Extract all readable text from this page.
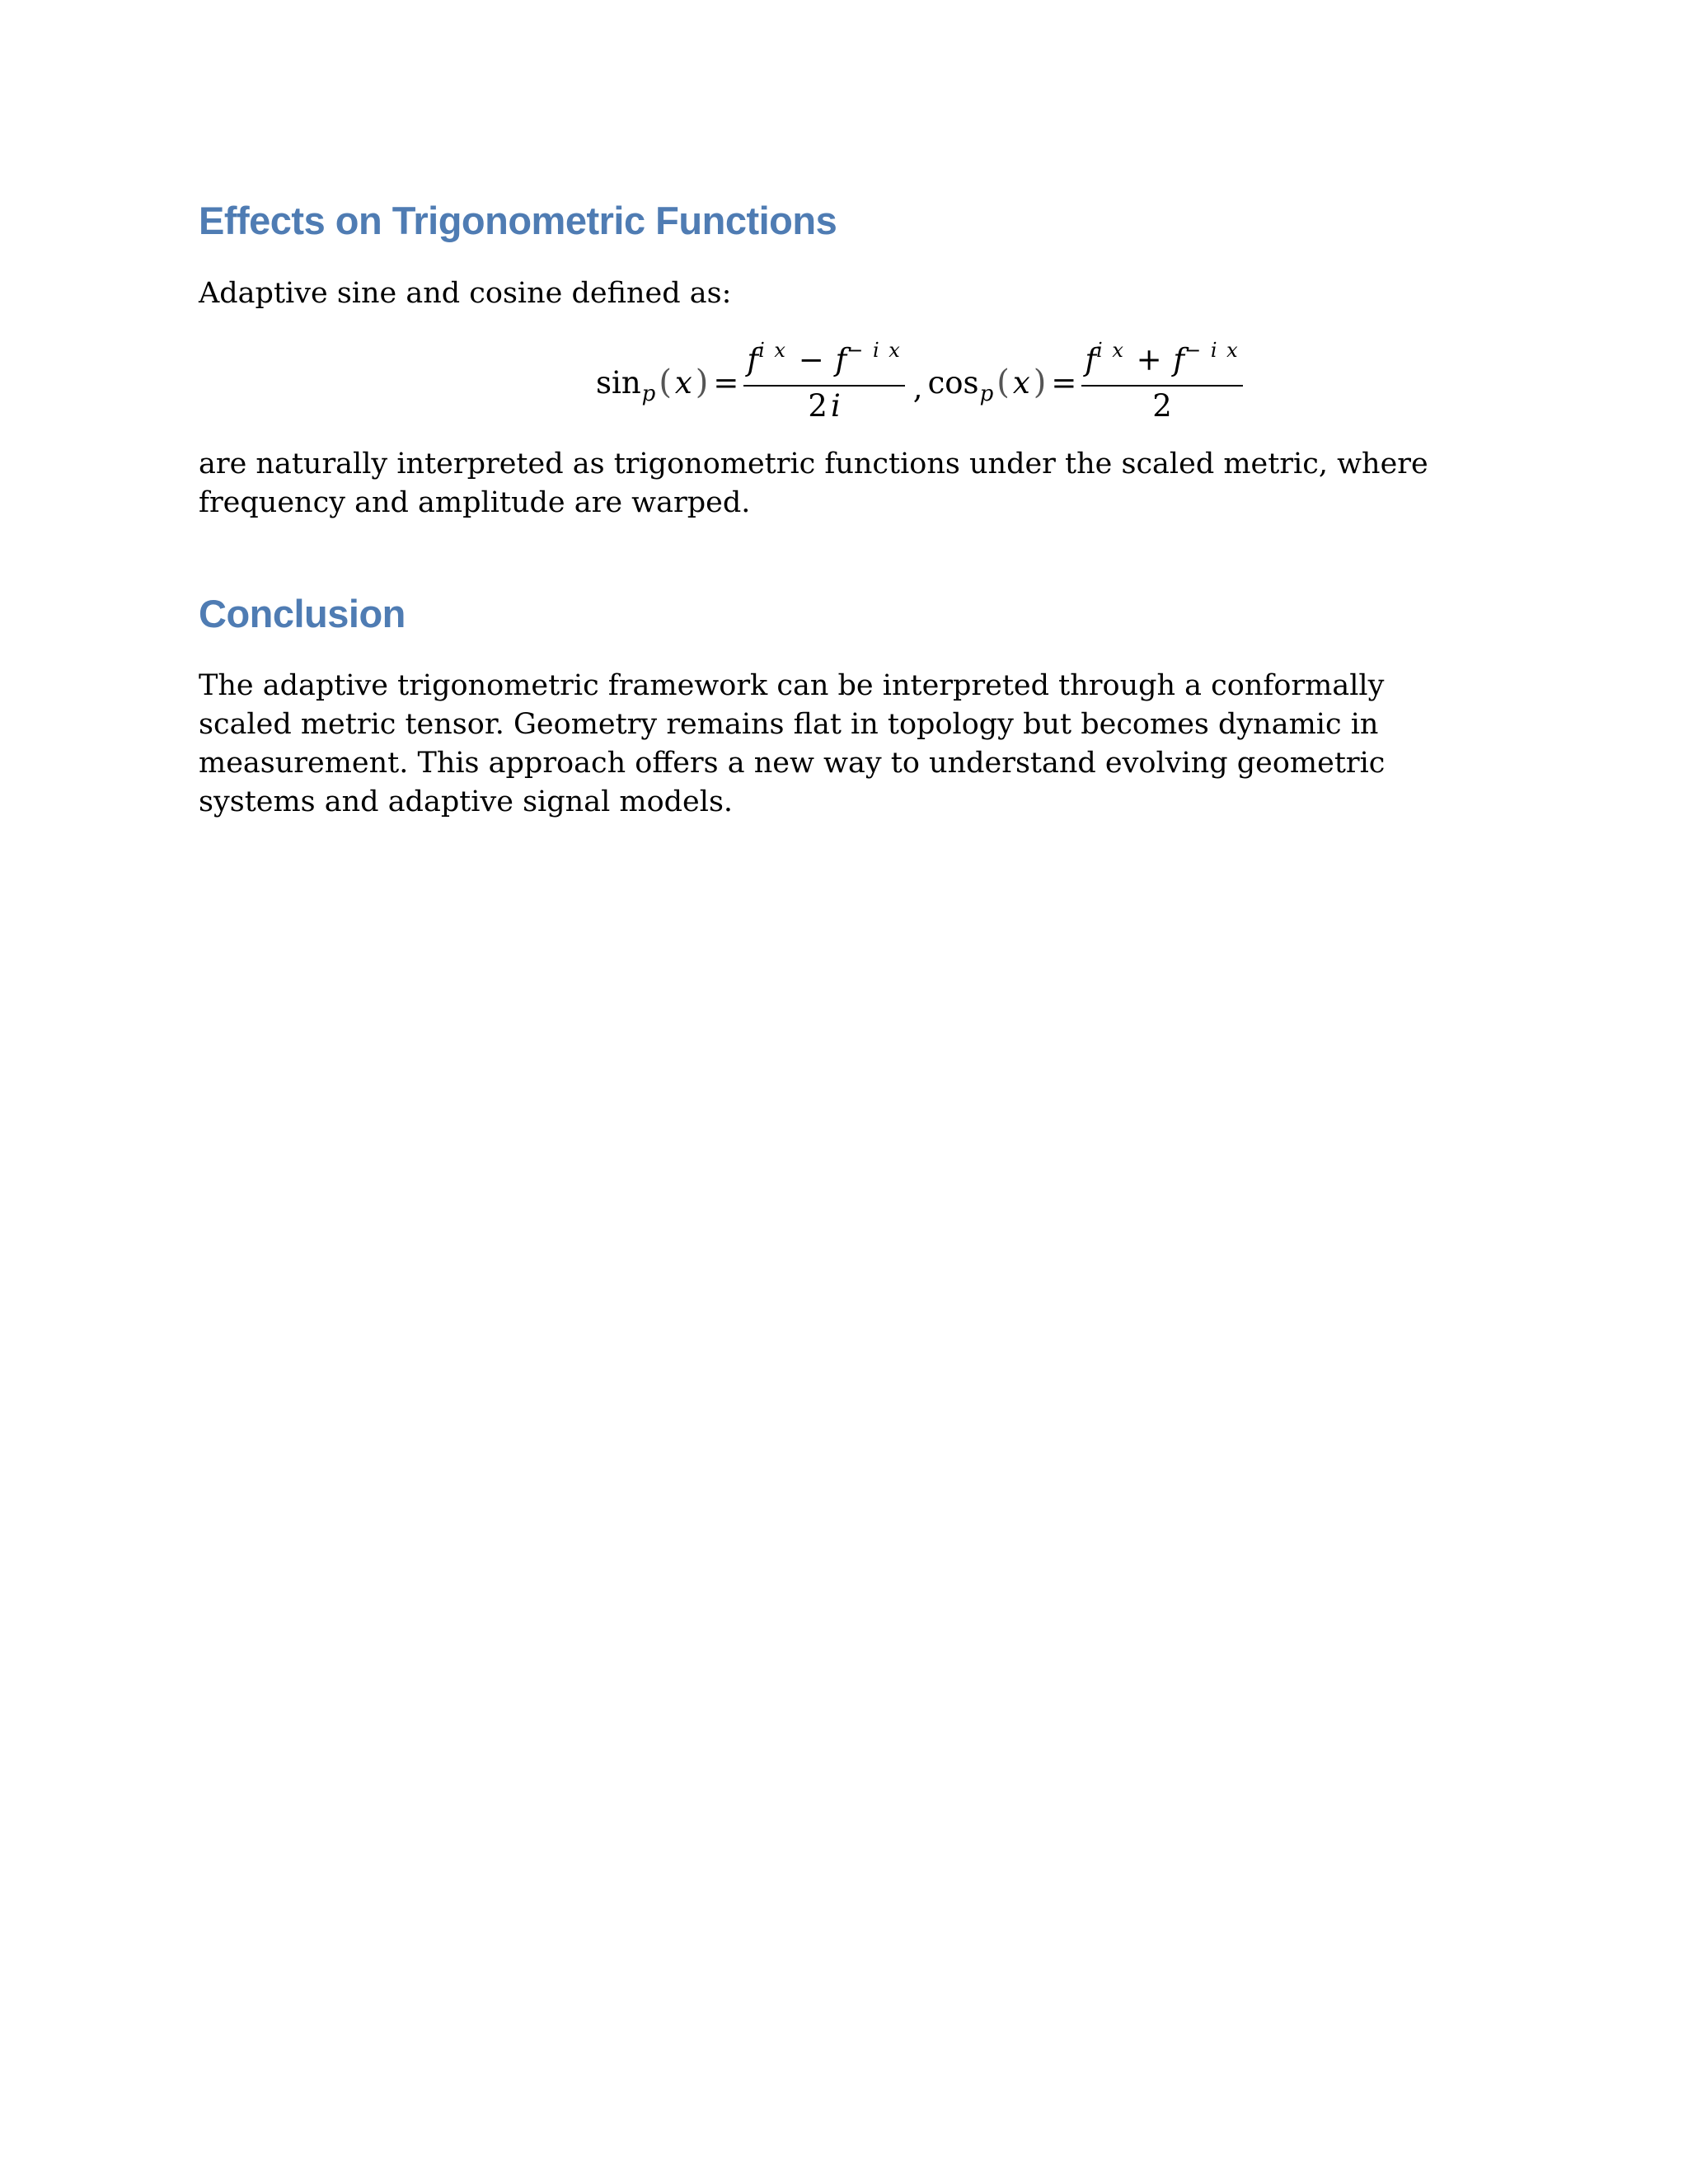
Effects on Trigonometric Functions

Adaptive sine and cosine defined as:

sin p ( x ) = $\frac{f^{i x} - f^{- i x}}{2 i}$ , cos p ( x ) = $\frac{f^{i x} + f^{- i x}}{2}$

are naturally interpreted as trigonometric functions under the scaled metric, where frequency and amplitude are warped.

Conclusion

The adaptive trigonometric framework can be interpreted through a conformally scaled metric tensor. Geometry remains flat in topology but becomes dynamic in measurement. This approach offers a new way to understand evolving geometric systems and adaptive signal models.
